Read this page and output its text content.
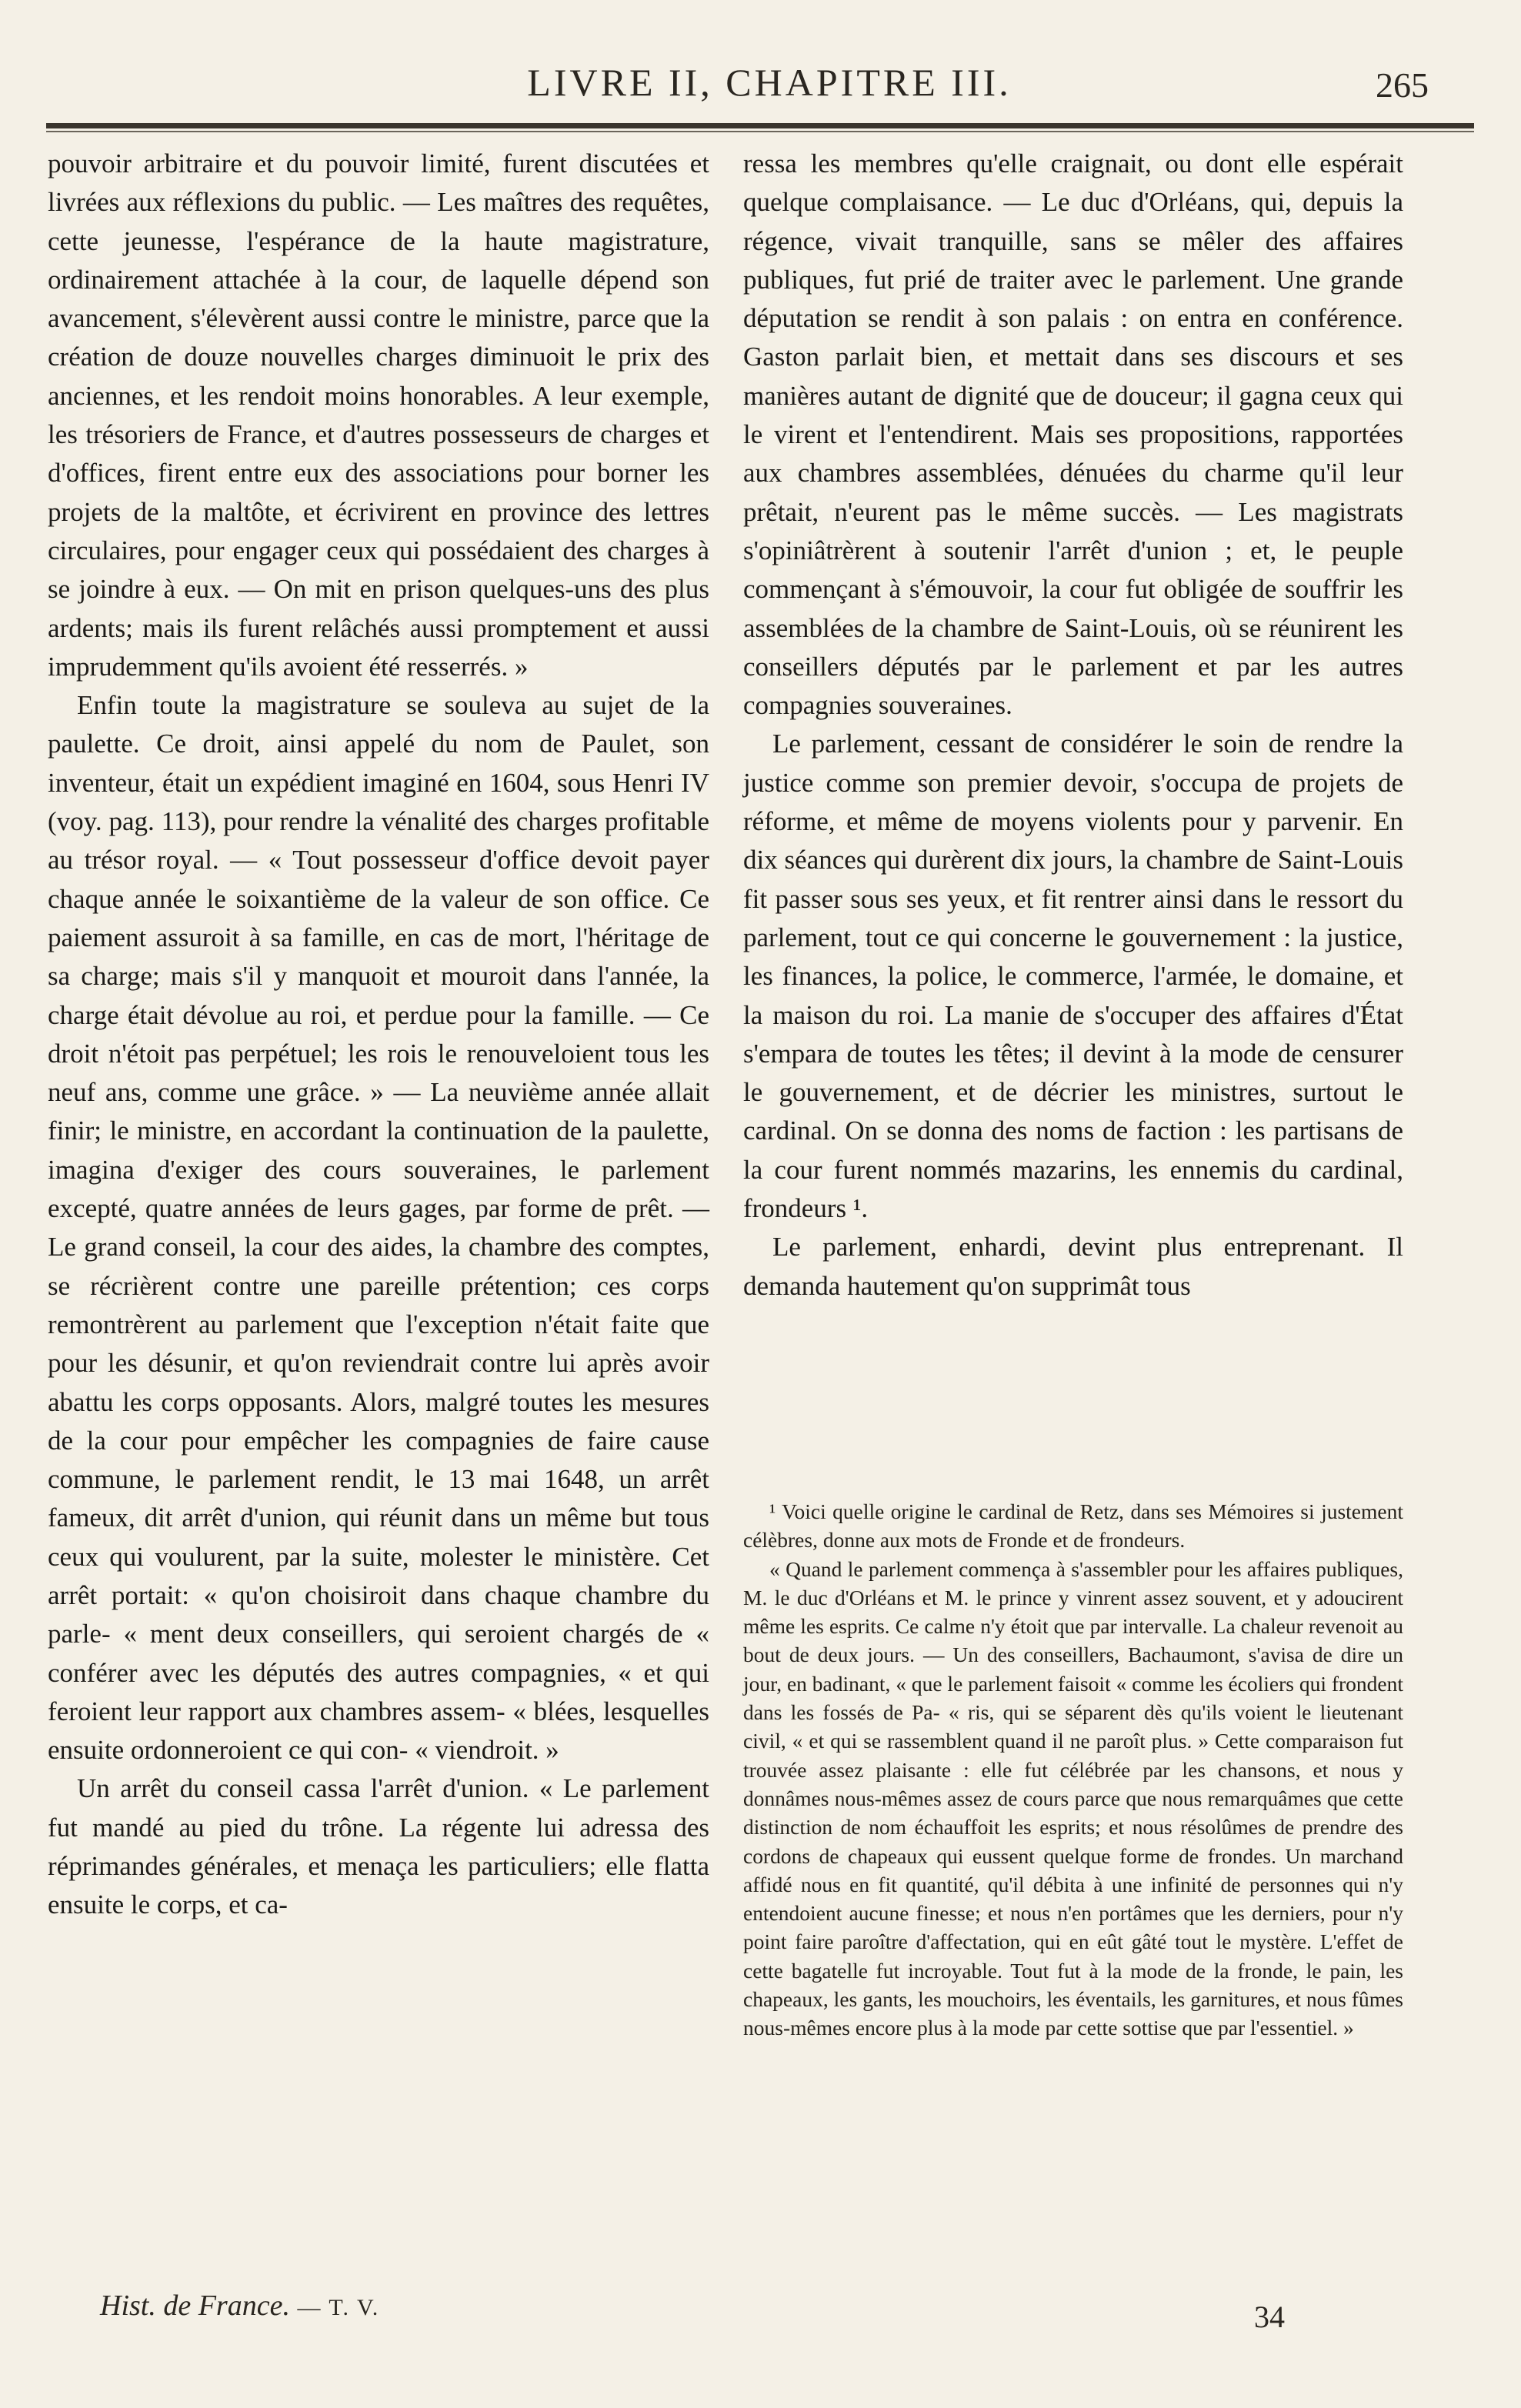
LIVRE II, CHAPITRE III.	265

pouvoir arbitraire et du pouvoir limité, furent discutées et livrées aux réflexions du public. — Les maîtres des requêtes, cette jeunesse, l'espérance de la haute magistrature, ordinairement attachée à la cour, de laquelle dépend son avancement, s'élevèrent aussi contre le ministre, parce que la création de douze nouvelles charges diminuoit le prix des anciennes, et les rendoit moins honorables. A leur exemple, les trésoriers de France, et d'autres possesseurs de charges et d'offices, firent entre eux des associations pour borner les projets de la maltôte, et écrivirent en province des lettres circulaires, pour engager ceux qui possédaient des charges à se joindre à eux. — On mit en prison quelques-uns des plus ardents; mais ils furent relâchés aussi promptement et aussi imprudemment qu'ils avoient été resserrés. »

Enfin toute la magistrature se souleva au sujet de la paulette. Ce droit, ainsi appelé du nom de Paulet, son inventeur, était un expédient imaginé en 1604, sous Henri IV (voy. pag. 113), pour rendre la vénalité des charges profitable au trésor royal. — « Tout possesseur d'office devoit payer chaque année le soixantième de la valeur de son office. Ce paiement assuroit à sa famille, en cas de mort, l'héritage de sa charge; mais s'il y manquoit et mouroit dans l'année, la charge était dévolue au roi, et perdue pour la famille. — Ce droit n'étoit pas perpétuel; les rois le renouveloient tous les neuf ans, comme une grâce. » — La neuvième année allait finir; le ministre, en accordant la continuation de la paulette, imagina d'exiger des cours souveraines, le parlement excepté, quatre années de leurs gages, par forme de prêt. — Le grand conseil, la cour des aides, la chambre des comptes, se récrièrent contre une pareille prétention; ces corps remontrèrent au parlement que l'exception n'était faite que pour les désunir, et qu'on reviendrait contre lui après avoir abattu les corps opposants. Alors, malgré toutes les mesures de la cour pour empêcher les compagnies de faire cause commune, le parlement rendit, le 13 mai 1648, un arrêt fameux, dit arrêt d'union, qui réunit dans un même but tous ceux qui voulurent, par la suite, molester le ministère. Cet arrêt portait: « qu'on choisiroit dans chaque chambre du parle- « ment deux conseillers, qui seroient chargés de « conférer avec les députés des autres compagnies, « et qui feroient leur rapport aux chambres assem- « blées, lesquelles ensuite ordonneroient ce qui con- « viendroit. »

Un arrêt du conseil cassa l'arrêt d'union. « Le parlement fut mandé au pied du trône. La régente lui adressa des réprimandes générales, et menaça les particuliers; elle flatta ensuite le corps, et ca-

ressa les membres qu'elle craignait, ou dont elle espérait quelque complaisance. — Le duc d'Orléans, qui, depuis la régence, vivait tranquille, sans se mêler des affaires publiques, fut prié de traiter avec le parlement. Une grande députation se rendit à son palais : on entra en conférence. Gaston parlait bien, et mettait dans ses discours et ses manières autant de dignité que de douceur; il gagna ceux qui le virent et l'entendirent. Mais ses propositions, rapportées aux chambres assemblées, dénuées du charme qu'il leur prêtait, n'eurent pas le même succès. — Les magistrats s'opiniâtrèrent à soutenir l'arrêt d'union ; et, le peuple commençant à s'émouvoir, la cour fut obligée de souffrir les assemblées de la chambre de Saint-Louis, où se réunirent les conseillers députés par le parlement et par les autres compagnies souveraines.

Le parlement, cessant de considérer le soin de rendre la justice comme son premier devoir, s'occupa de projets de réforme, et même de moyens violents pour y parvenir. En dix séances qui durèrent dix jours, la chambre de Saint-Louis fit passer sous ses yeux, et fit rentrer ainsi dans le ressort du parlement, tout ce qui concerne le gouvernement : la justice, les finances, la police, le commerce, l'armée, le domaine, et la maison du roi. La manie de s'occuper des affaires d'État s'empara de toutes les têtes; il devint à la mode de censurer le gouvernement, et de décrier les ministres, surtout le cardinal. On se donna des noms de faction : les partisans de la cour furent nommés mazarins, les ennemis du cardinal, frondeurs ¹.

Le parlement, enhardi, devint plus entreprenant. Il demanda hautement qu'on supprimât tous

¹ Voici quelle origine le cardinal de Retz, dans ses Mémoires si justement célèbres, donne aux mots de Fronde et de frondeurs.

« Quand le parlement commença à s'assembler pour les affaires publiques, M. le duc d'Orléans et M. le prince y vinrent assez souvent, et y adoucirent même les esprits. Ce calme n'y étoit que par intervalle. La chaleur revenoit au bout de deux jours. — Un des conseillers, Bachaumont, s'avisa de dire un jour, en badinant, « que le parlement faisoit « comme les écoliers qui frondent dans les fossés de Pa- « ris, qui se séparent dès qu'ils voient le lieutenant civil, « et qui se rassemblent quand il ne paroît plus. » Cette comparaison fut trouvée assez plaisante : elle fut célébrée par les chansons, et nous y donnâmes nous-mêmes assez de cours parce que nous remarquâmes que cette distinction de nom échauffoit les esprits; et nous résolûmes de prendre des cordons de chapeaux qui eussent quelque forme de frondes. Un marchand affidé nous en fit quantité, qu'il débita à une infinité de personnes qui n'y entendoient aucune finesse; et nous n'en portâmes que les derniers, pour n'y point faire paroître d'affectation, qui en eût gâté tout le mystère. L'effet de cette bagatelle fut incroyable. Tout fut à la mode de la fronde, le pain, les chapeaux, les gants, les mouchoirs, les éventails, les garnitures, et nous fûmes nous-mêmes encore plus à la mode par cette sottise que par l'essentiel. »

Hist. de France. — T. V.	34
